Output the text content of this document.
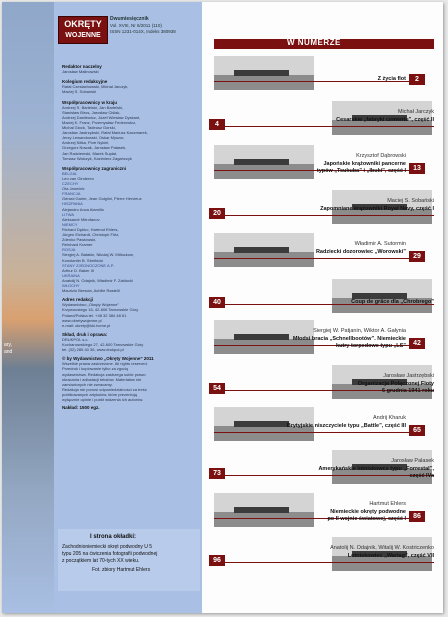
ary,
and
OKRĘTY
WOJENNE
Dwumiesięcznik
Vol. XVIII, Nr 6/2011 (110)
ISSN 1231-014X, Indeks 380938
I strona okładki:
Zachodnioniemiecki okręt podwodny U 5
typu 205 na ćwiczenia fotografii podwodnej
z początkiem lat 70-tych XX wieku.
Fot. zbiory Hartmut Ehlers
W NUMERZE
Redaktor naczelny
Jarosław Malinowski
Kolegium redakcyjne
Rafał Czeslachowski, Michał Jarczyk,
Maciej S. Sobański
Współpracownicy w kraju
Andrzej S. Bartelski, Jan Bartelski,
Stanisław Biros, Jarosław Ciślak,
Andrzej Danilewicz, Józef Wiesław Dyskant,
Maciej K. Franz, Przemysław Federowicz,
Michał Glock, Tadeusz Górski,
Jarosław Jastrzębski, Rafał Mariusz Kaczmarek,
Jerzy Lewandowski, Oskar Myszor,
Andrzej Nitka, Piotr Nykiel,
Grzegorz Nowak, Jarosław Palasek,
Jan Radziemski, Marek Supłat,
Tomasz Walczyk, Kazimierz Zagańczyk
Współpracownicy zagraniczni
BELGIA
Leo van Ginderen
CZECHY
Ota Janeček
FRANCJA
Gérard Garier, Jean Guiglini, Pierre Hervieux
HISZPANIA
Alejandro Anca Alamillo
LITWA
Aleksandr Mitrofanov
NIEMCY
Richard Dębko, Hartmut Ehlers,
Jürgen Eichardt, Christoph Fütz,
Zdenko Pawlowski,
Reinhard Kramer
ROSJA
Siergiej A. Bałakin, Nikołaj W. Mitiuckow,
Konstantin B. Strelbicki
STANY ZJEDNOCZONE A.P.
Arthur D. Baker III
UKRAINA
Anatolij N. Odajnik, Władimir F. Zabłocki
WŁOCHY
Maurizio Brescia, Achille Rastelli
Adres redakcji
Wydawnictwo „Okręty Wojenne”
Krzywoustego 16, 42-606 Tarnowskie Góry
Poland/Polska tel. +48 32 384 48 61
www.okretywojenne.pl
e-mail: okrety@kki.home.pl
Skład, druk i oprawa:
DRUKPOL s.c.
Kochanowskiego 27, 42-600 Tarnowskie Góry
tel. (32) 285 40 36, www.drukpol.pl
© by Wydawnictwo „Okręty Wojenne” 2011
Wszelkie prawa zastrzeżone. All rights reserved.
Przedruk i kopiowanie tylko za zgodą
wydawnictwa. Redakcja zastrzega sobie prawo
skracania i adiustacji tekstów. Materiałów nie
zamówionych nie zwracamy.
Redakcja nie ponosi odpowiedzialności za treść
publikowanych artykułów, które prezentują
wyłącznie opinie i punkt widzenia ich autorów.
Nakład: 1500 egz.
2
Z życia flot
4
Michał Jarczyk
Cesarskie „fabryki cementu”, część II
13
Krzysztof Dąbrowski
Japońskie krążowniki pancerne
typów „Tsukuba” i „Ibuki”, część I
20
Maciej S. Sobański
Zapomniane krążowniki Royal Navy, część I
29
Władimir A. Sutormin
Radziecki dozorowiec „Worowski”
40	Coup de grâce dla „Chrobrego”
42
Siergiej W. Patjanin, Wiktor A. Gałynia
Młodsi bracia „Schnellbootów”. Niemieckie
kutry torpedowe typu „LS”
54
Jarosław Jastrzębski
Organizacja Połączonej Floty
6 grudnia 1941 roku
65
Andrij Kharuk
Brytyjskie niszczyciele typu „Battle”, część III
73
Jarosław Palasek
Amerykańskie lotniskowce typu „Forrestal”,
część IVa
86
Hartmut Ehlers
Niemieckie okręty podwodne
po II wojnie światowej, część I
96
Anatolij N. Odajnik, Witalij W. Kostriczenko
Lotniskowiec „Wariag”, część VII
